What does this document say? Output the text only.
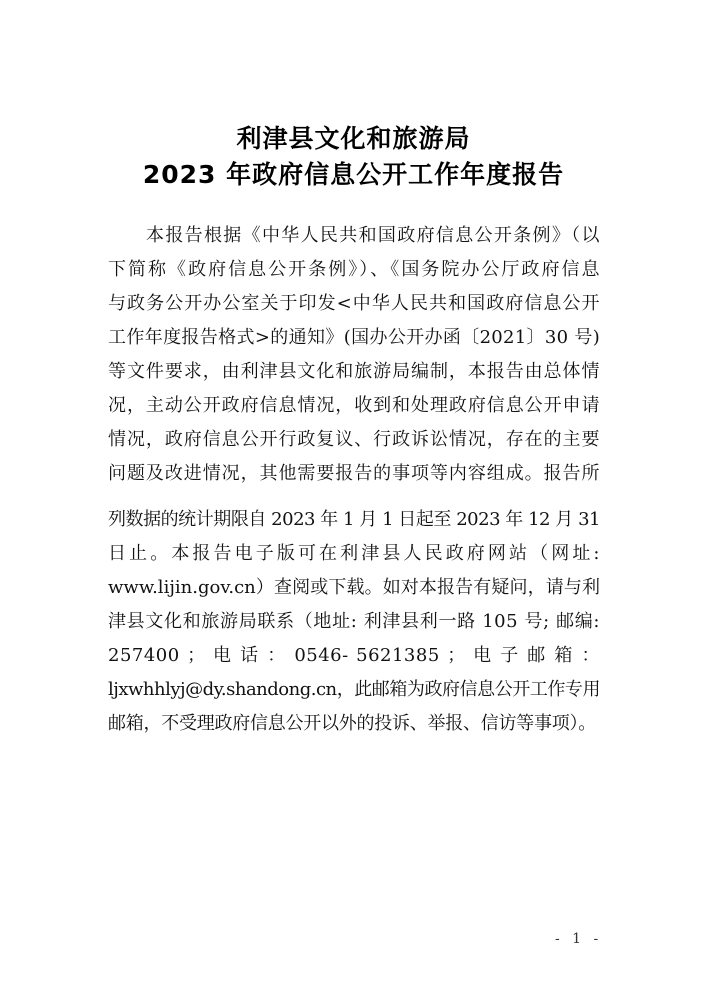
利津县文化和旅游局
2023 年政府信息公开工作年度报告
本报告根据《中华人民共和国政府信息公开条例》（以
下简称《政府信息公开条例》）、《国务院办公厅政府信息
与政务公开办公室关于印发<中华人民共和国政府信息公开
工作年度报告格式>的通知》(国办公开办函〔2021〕30 号)
等文件要求，由利津县文化和旅游局编制，本报告由总体情
况，主动公开政府信息情况，收到和处理政府信息公开申请
情况，政府信息公开行政复议、行政诉讼情况，存在的主要
问题及改进情况，其他需要报告的事项等内容组成。报告所
列数据的统计期限自 2023 年 1 月 1 日起至 2023 年 12 月 31
日止。本报告电子版可在利津县人民政府网站（网址:
www.lijin.gov.cn）查阅或下载。如对本报告有疑问，请与利
津县文化和旅游局联系（地址: 利津县利一路 105 号; 邮编:
257400 ； 电 话 ： 0546- 5621385 ； 电 子 邮 箱 ：
ljxwhhlyj@dy.shandong.cn，此邮箱为政府信息公开工作专用
邮箱，不受理政府信息公开以外的投诉、举报、信访等事项）。
- 1 -
